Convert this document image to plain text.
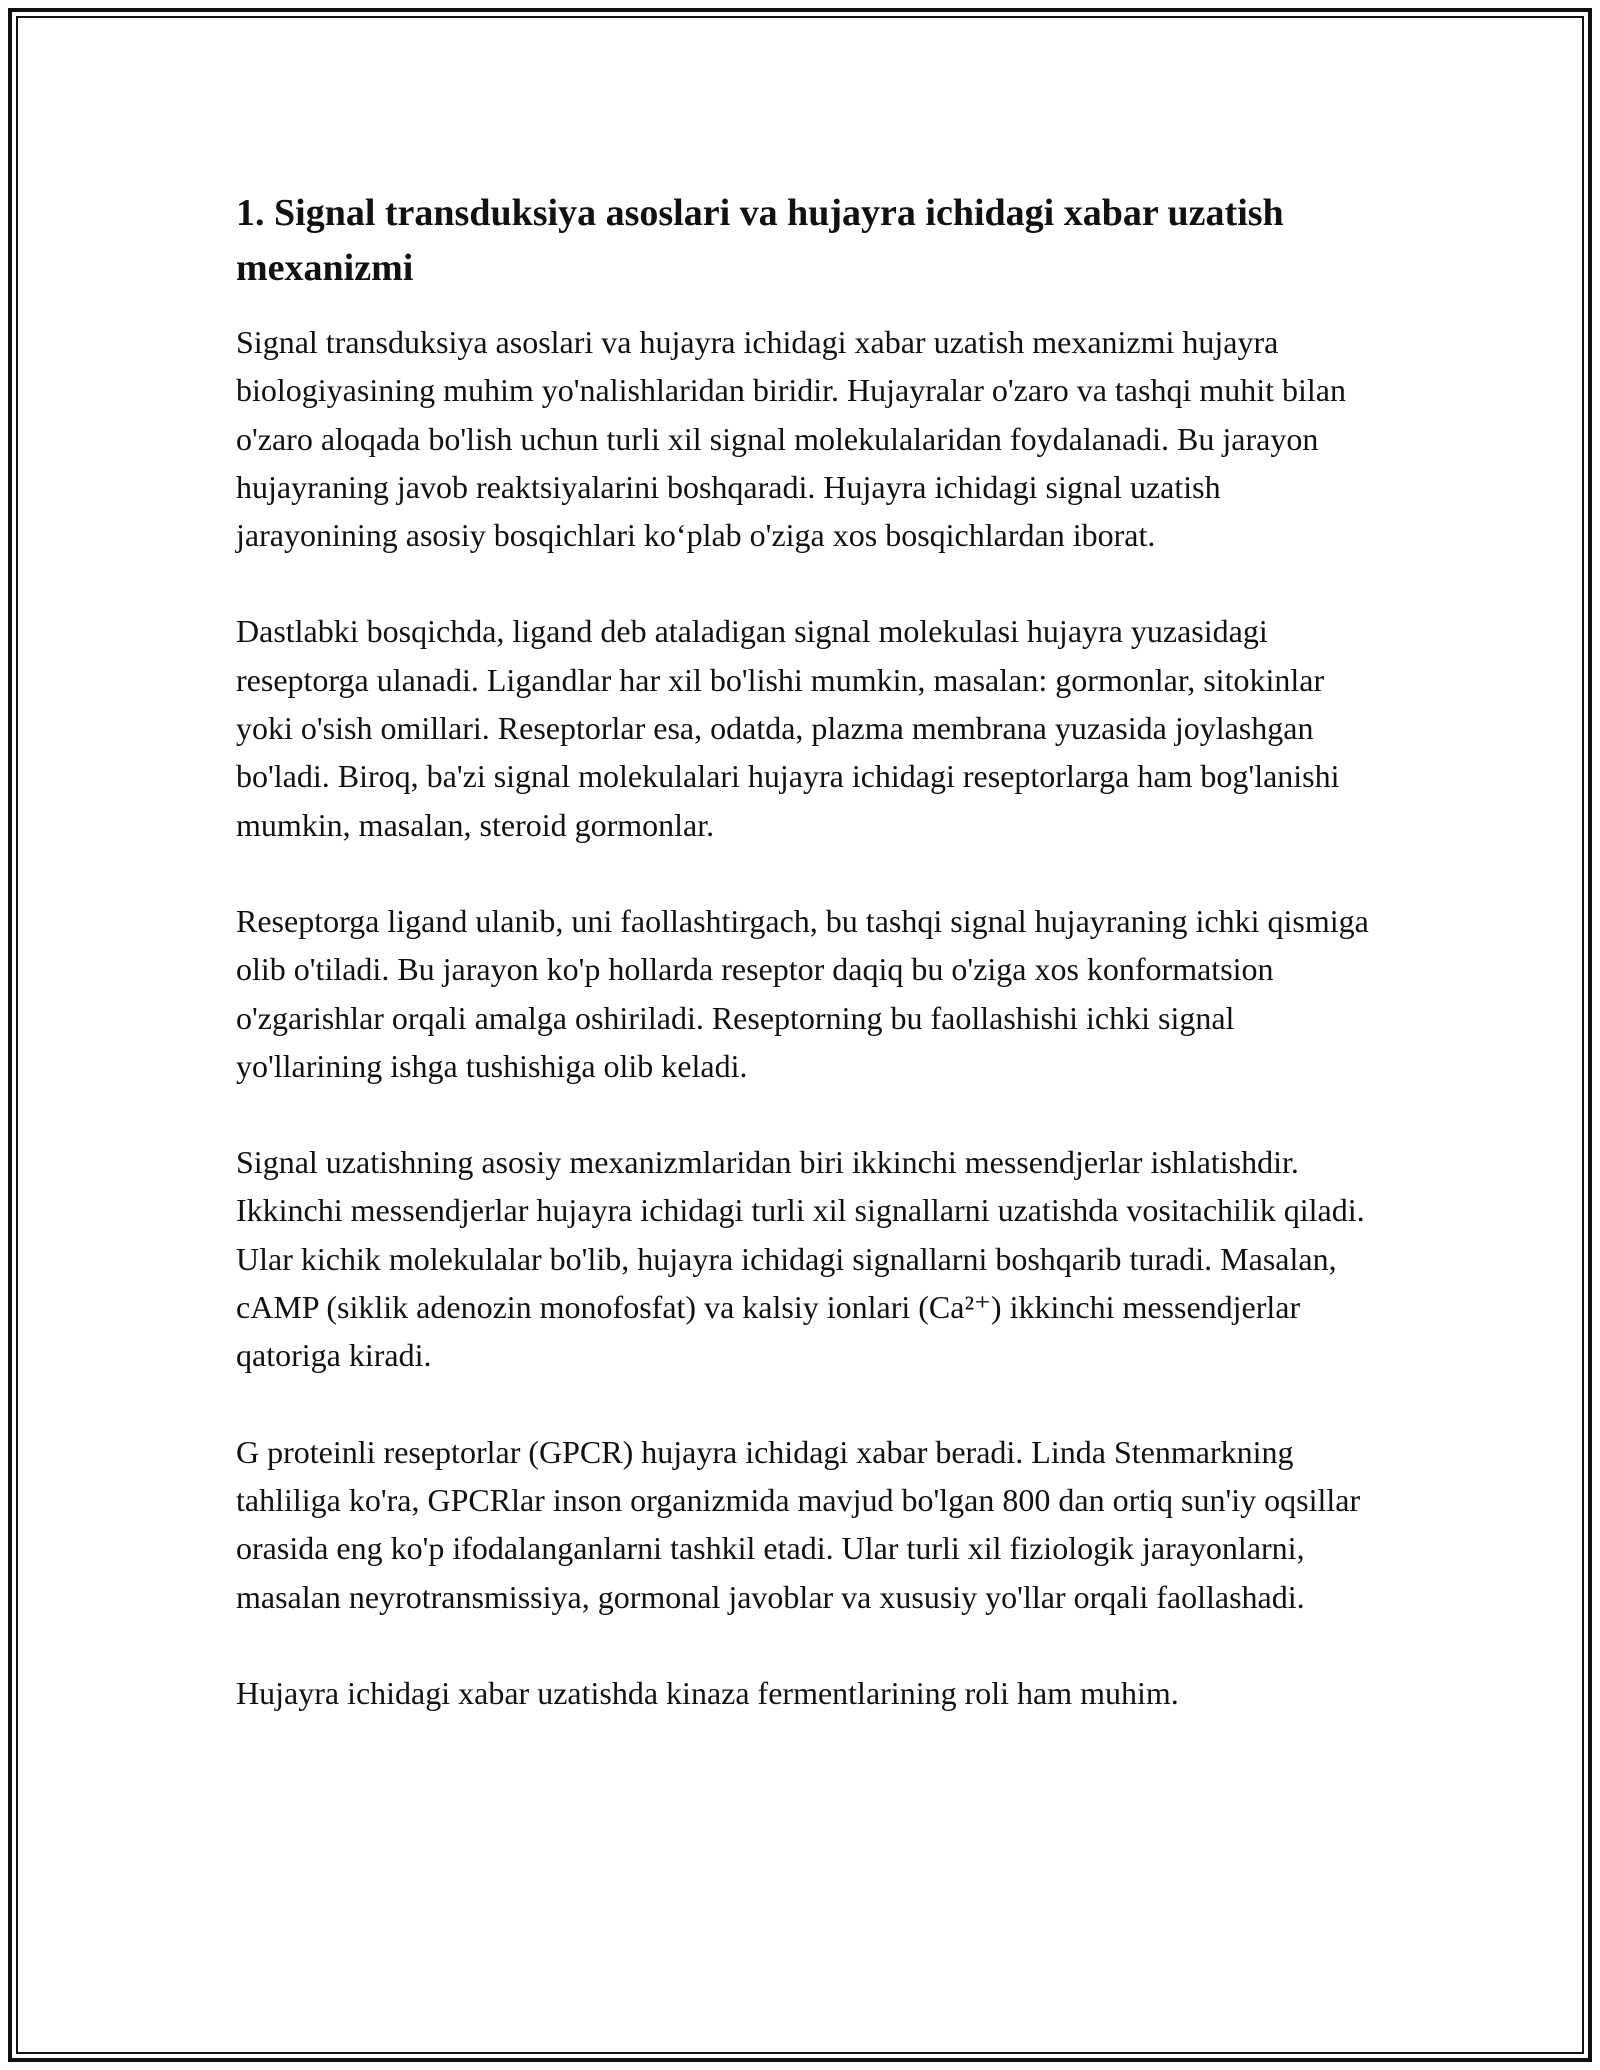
1. Signal transduksiya asoslari va hujayra ichidagi xabar uzatish mexanizmi

Signal transduksiya asoslari va hujayra ichidagi xabar uzatish mexanizmi hujayra biologiyasining muhim yo'nalishlaridan biridir. Hujayralar o'zaro va tashqi muhit bilan o'zaro aloqada bo'lish uchun turli xil signal molekulalaridan foydalanadi. Bu jarayon hujayraning javob reaktsiyalarini boshqaradi. Hujayra ichidagi signal uzatish jarayonining asosiy bosqichlari ko‘plab o'ziga xos bosqichlardan iborat.

Dastlabki bosqichda, ligand deb ataladigan signal molekulasi hujayra yuzasidagi reseptorga ulanadi. Ligandlar har xil bo'lishi mumkin, masalan: gormonlar, sitokinlar yoki o'sish omillari. Reseptorlar esa, odatda, plazma membrana yuzasida joylashgan bo'ladi. Biroq, ba'zi signal molekulalari hujayra ichidagi reseptorlarga ham bog'lanishi mumkin, masalan, steroid gormonlar.

Reseptorga ligand ulanib, uni faollashtirgach, bu tashqi signal hujayraning ichki qismiga olib o'tiladi. Bu jarayon ko'p hollarda reseptor daqiq bu o'ziga xos konformatsion o'zgarishlar orqali amalga oshiriladi. Reseptorning bu faollashishi ichki signal yo'llarining ishga tushishiga olib keladi.

Signal uzatishning asosiy mexanizmlaridan biri ikkinchi messendjerlar ishlatishdir. Ikkinchi messendjerlar hujayra ichidagi turli xil signallarni uzatishda vositachilik qiladi. Ular kichik molekulalar bo'lib, hujayra ichidagi signallarni boshqarib turadi. Masalan, cAMP (siklik adenozin monofosfat) va kalsiy ionlari (Ca²⁺) ikkinchi messendjerlar qatoriga kiradi.

G proteinli reseptorlar (GPCR) hujayra ichidagi xabar beradi. Linda Stenmarkning tahliliga ko'ra, GPCRlar inson organizmida mavjud bo'lgan 800 dan ortiq sun'iy oqsillar orasida eng ko'p ifodalanganlarni tashkil etadi. Ular turli xil fiziologik jarayonlarni, masalan neyrotransmissiya, gormonal javoblar va xususiy yo'llar orqali faollashadi.

Hujayra ichidagi xabar uzatishda kinaza fermentlarining roli ham muhim.
